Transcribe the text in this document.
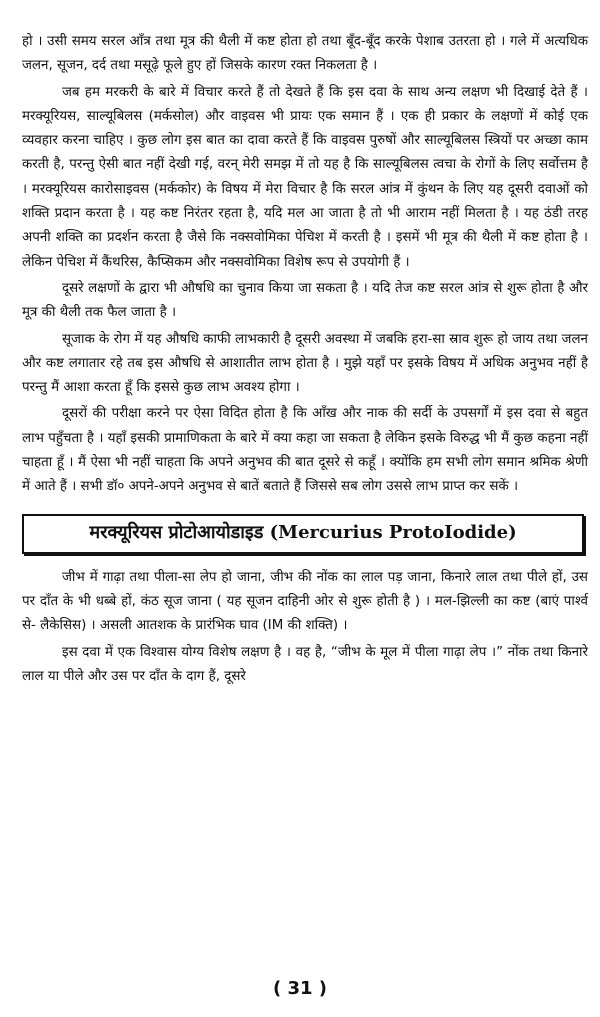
हो । उसी समय सरल आँत्र तथा मूत्र की थैली में कष्ट होता हो तथा बूँद-बूँद करके पेशाब उतरता हो । गले में अत्यधिक जलन, सूजन, दर्द तथा मसूढ़े फूले हुए हों जिसके कारण रक्त निकलता है ।

जब हम मरकरी के बारे में विचार करते हैं तो देखते हैं कि इस दवा के साथ अन्य लक्षण भी दिखाई देते हैं । मरक्यूरियस, साल्यूबिलस (मर्कसोल) और वाइवस भी प्रायः एक समान हैं । एक ही प्रकार के लक्षणों में कोई एक व्यवहार करना चाहिए । कुछ लोग इस बात का दावा करते हैं कि वाइवस पुरुषों और साल्यूबिलस स्त्रियों पर अच्छा काम करती है, परन्तु ऐसी बात नहीं देखी गई, वरन् मेरी समझ में तो यह है कि साल्यूबिलस त्वचा के रोगों के लिए सर्वोत्तम है । मरक्यूरियस कारोसाइवस (मर्ककोर) के विषय में मेरा विचार है कि सरल आंत्र में कुंथन के लिए यह दूसरी दवाओं को शक्ति प्रदान करता है । यह कष्ट निरंतर रहता है, यदि मल आ जाता है तो भी आराम नहीं मिलता है । यह ठंडी तरह अपनी शक्ति का प्रदर्शन करता है जैसे कि नक्सवोमिका पेचिश में करती है । इसमें भी मूत्र की थैली में कष्ट होता है । लेकिन पेचिश में कैंथरिस, कैप्सिकम और नक्सवोमिका विशेष रूप से उपयोगी हैं ।

दूसरे लक्षणों के द्वारा भी औषधि का चुनाव किया जा सकता है । यदि तेज कष्ट सरल आंत्र से शुरू होता है और मूत्र की थैली तक फैल जाता है ।

सूजाक के रोग में यह औषधि काफी लाभकारी है दूसरी अवस्था में जबकि हरा-सा स्राव शुरू हो जाय तथा जलन और कष्ट लगातार रहे तब इस औषधि से आशातीत लाभ होता है । मुझे यहाँ पर इसके विषय में अधिक अनुभव नहीं है परन्तु मैं आशा करता हूँ कि इससे कुछ लाभ अवश्य होगा ।

दूसरों की परीक्षा करने पर ऐसा विदित होता है कि आँख और नाक की सर्दी के उपसर्गों में इस दवा से बहुत लाभ पहुँचता है । यहाँ इसकी प्रामाणिकता के बारे में क्या कहा जा सकता है लेकिन इसके विरुद्ध भी मैं कुछ कहना नहीं चाहता हूँ । मैं ऐसा भी नहीं चाहता कि अपने अनुभव की बात दूसरे से कहूँ । क्योंकि हम सभी लोग समान श्रमिक श्रेणी में आते हैं । सभी डॉ० अपने-अपने अनुभव से बातें बताते हैं जिससे सब लोग उससे लाभ प्राप्त कर सकें ।

मरक्यूरियस प्रोटोआयोडाइड (Mercurius ProtoIodide)

जीभ में गाढ़ा तथा पीला-सा लेप हो जाना, जीभ की नोंक का लाल पड़ जाना, किनारे लाल तथा पीले हों, उस पर दाँत के भी धब्बे हों, कंठ सूज जाना ( यह सूजन दाहिनी ओर से शुरू होती है ) । मल-झिल्ली का कष्ट (बाएं पार्श्व से- लैकेसिस) । असली आतशक के प्रारंभिक घाव (IM की शक्ति) ।

इस दवा में एक विश्वास योग्य विशेष लक्षण है । वह है, “जीभ के मूल में पीला गाढ़ा लेप ।” नोंक तथा किनारे लाल या पीले और उस पर दाँत के दाग हैं, दूसरे

( 31 )
